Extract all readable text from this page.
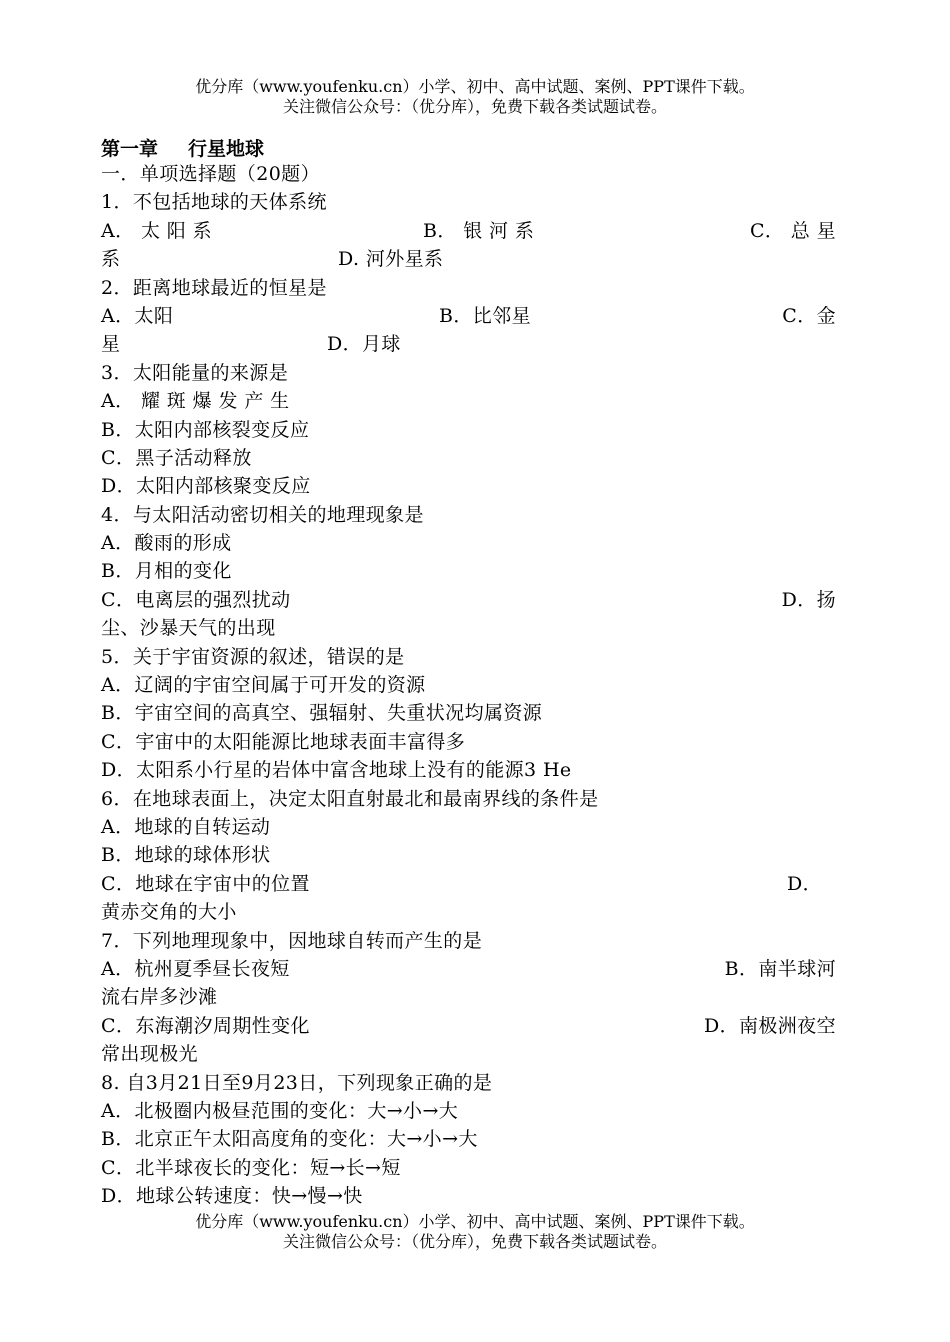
优分库（www.youfenku.cn）小学、初中、高中试题、案例、PPT课件下载。
关注微信公众号：（优分库），免费下载各类试题试卷。
第一章 行星地球
一．单项选择题（20题）
1．不包括地球的天体系统
A． 太 阳 系	B． 银 河 系	C． 总 星
系	D. 河外星系
2．距离地球最近的恒星是
A．太阳	B．比邻星	C．金
星	D．月球
3．太阳能量的来源是
A． 耀 斑 爆 发 产 生
B．太阳内部核裂变反应
C．黑子活动释放
D．太阳内部核聚变反应
4．与太阳活动密切相关的地理现象是
A．酸雨的形成
B．月相的变化
C．电离层的强烈扰动	D．扬
尘、沙暴天气的出现
5．关于宇宙资源的叙述，错误的是
A．辽阔的宇宙空间属于可开发的资源
B．宇宙空间的高真空、强辐射、失重状况均属资源
C．宇宙中的太阳能源比地球表面丰富得多
D．太阳系小行星的岩体中富含地球上没有的能源3 He
6．在地球表面上，决定太阳直射最北和最南界线的条件是
A．地球的自转运动
B．地球的球体形状
C．地球在宇宙中的位置	D．
黄赤交角的大小
7．下列地理现象中，因地球自转而产生的是
A．杭州夏季昼长夜短	B．南半球河
流右岸多沙滩
C．东海潮汐周期性变化	D．南极洲夜空
常出现极光
8. 自3月21日至9月23日，下列现象正确的是
A．北极圈内极昼范围的变化：大→小→大
B．北京正午太阳高度角的变化：大→小→大
C．北半球夜长的变化：短→长→短
D．地球公转速度：快→慢→快
优分库（www.youfenku.cn）小学、初中、高中试题、案例、PPT课件下载。
关注微信公众号：（优分库），免费下载各类试题试卷。
